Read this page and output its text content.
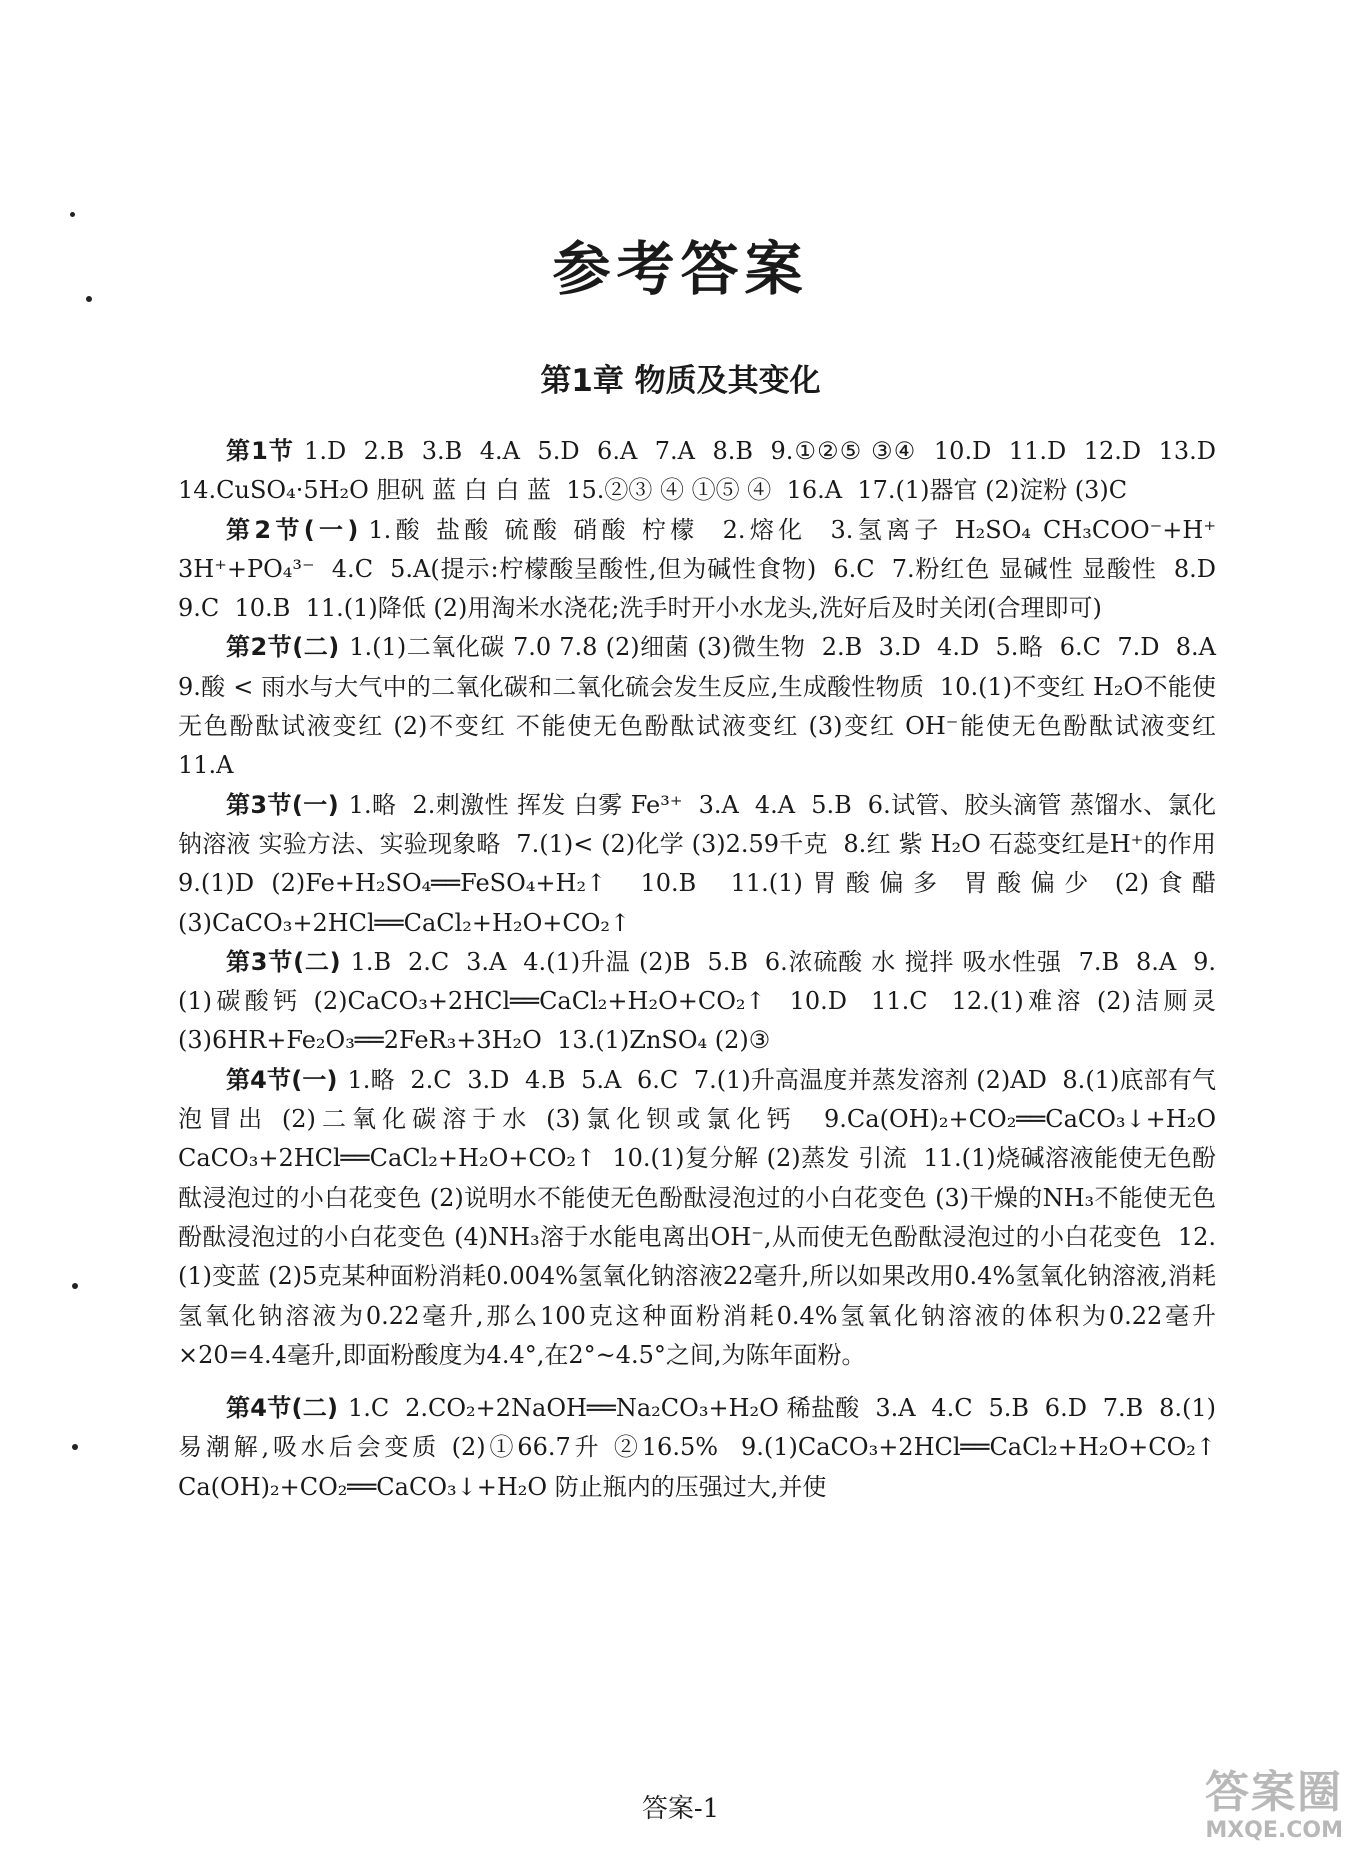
参考答案
第1章 物质及其变化

第1节 1.D  2.B  3.B  4.A  5.D  6.A  7.A  8.B  9.①②⑤ ③④  10.D  11.D  12.D  13.D  14.CuSO₄·5H₂O 胆矾 蓝 白 白 蓝  15.②③ ④ ①⑤ ④  16.A  17.(1)器官 (2)淀粉 (3)C

第2节(一) 1.酸 盐酸 硫酸 硝酸 柠檬  2.熔化  3.氢离子 H₂SO₄ CH₃COO⁻+H⁺ 3H⁺+PO₄³⁻  4.C  5.A(提示:柠檬酸呈酸性,但为碱性食物)  6.C  7.粉红色 显碱性 显酸性  8.D  9.C  10.B  11.(1)降低 (2)用淘米水浇花;洗手时开小水龙头,洗好后及时关闭(合理即可)

第2节(二) 1.(1)二氧化碳 7.0 7.8 (2)细菌 (3)微生物  2.B  3.D  4.D  5.略  6.C  7.D  8.A  9.酸 < 雨水与大气中的二氧化碳和二氧化硫会发生反应,生成酸性物质  10.(1)不变红 H₂O不能使无色酚酞试液变红 (2)不变红 不能使无色酚酞试液变红 (3)变红 OH⁻能使无色酚酞试液变红  11.A

第3节(一) 1.略  2.刺激性 挥发 白雾 Fe³⁺  3.A  4.A  5.B  6.试管、胶头滴管 蒸馏水、氯化钠溶液 实验方法、实验现象略  7.(1)< (2)化学 (3)2.59千克  8.红 紫 H₂O 石蕊变红是H⁺的作用  9.(1)D (2)Fe+H₂SO₄══FeSO₄+H₂↑  10.B  11.(1)胃酸偏多 胃酸偏少 (2)食醋 (3)CaCO₃+2HCl══CaCl₂+H₂O+CO₂↑

第3节(二) 1.B  2.C  3.A  4.(1)升温 (2)B  5.B  6.浓硫酸 水 搅拌 吸水性强  7.B  8.A  9.(1)碳酸钙 (2)CaCO₃+2HCl══CaCl₂+H₂O+CO₂↑  10.D  11.C  12.(1)难溶 (2)洁厕灵 (3)6HR+Fe₂O₃══2FeR₃+3H₂O  13.(1)ZnSO₄ (2)③

第4节(一) 1.略  2.C  3.D  4.B  5.A  6.C  7.(1)升高温度并蒸发溶剂 (2)AD  8.(1)底部有气泡冒出 (2)二氧化碳溶于水 (3)氯化钡或氯化钙  9.Ca(OH)₂+CO₂══CaCO₃↓+H₂O CaCO₃+2HCl══CaCl₂+H₂O+CO₂↑  10.(1)复分解 (2)蒸发 引流  11.(1)烧碱溶液能使无色酚酞浸泡过的小白花变色 (2)说明水不能使无色酚酞浸泡过的小白花变色 (3)干燥的NH₃不能使无色酚酞浸泡过的小白花变色 (4)NH₃溶于水能电离出OH⁻,从而使无色酚酞浸泡过的小白花变色  12.(1)变蓝 (2)5克某种面粉消耗0.004%氢氧化钠溶液22毫升,所以如果改用0.4%氢氧化钠溶液,消耗氢氧化钠溶液为0.22毫升,那么100克这种面粉消耗0.4%氢氧化钠溶液的体积为0.22毫升×20=4.4毫升,即面粉酸度为4.4°,在2°~4.5°之间,为陈年面粉。

第4节(二) 1.C  2.CO₂+2NaOH══Na₂CO₃+H₂O 稀盐酸  3.A  4.C  5.B  6.D  7.B  8.(1)易潮解,吸水后会变质 (2)①66.7升 ②16.5%  9.(1)CaCO₃+2HCl══CaCl₂+H₂O+CO₂↑ Ca(OH)₂+CO₂══CaCO₃↓+H₂O 防止瓶内的压强过大,并使

答案-1	答案圈
MXQE.COM
